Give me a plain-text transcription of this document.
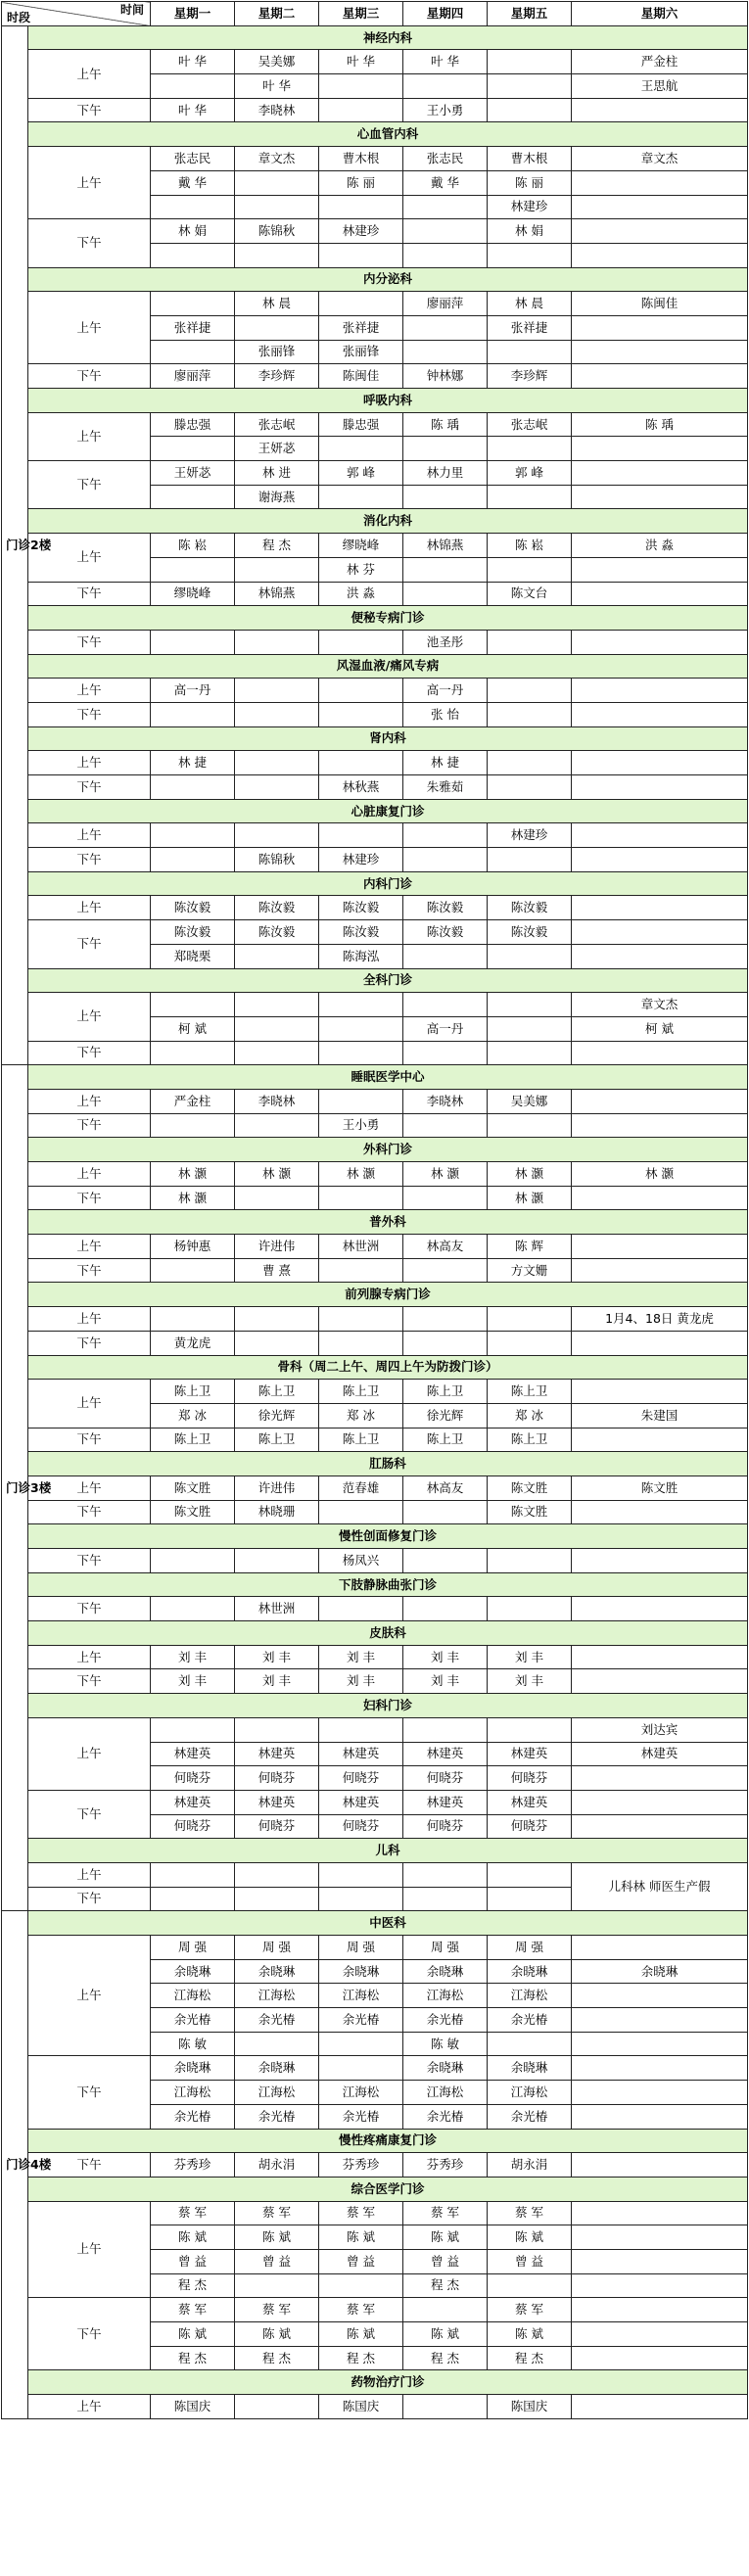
时间
时段		星期一	星期二	星期三	星期四	星期五	星期六

门诊2楼	神经内科						
	上午	叶 华	吴美娜	叶 华	叶 华		严金柱
			叶 华				王思航
	下午	叶 华	李晓林		王小勇		
	心血管内科						
	上午	张志民	章文杰	曹木根	张志民	曹木根	章文杰
		戴 华		陈 丽	戴 华	陈 丽	
						林建珍	
	下午	林 娟	陈锦秋	林建珍		林 娟	

	内分泌科						
	上午		林 晨		廖丽萍	林 晨	陈闽佳
		张祥捷		张祥捷		张祥捷	
			张丽锋	张丽锋			
	下午	廖丽萍	李珍辉	陈闽佳	钟林娜	李珍辉	
	呼吸内科						
	上午	滕忠强	张志岷	滕忠强	陈 瑀	张志岷	陈 瑀
			王妍苾				
	下午	王妍苾	林 进	郭 峰	林力里	郭 峰	
			谢海燕				
	消化内科						
	上午	陈 崧	程 杰	缪晓峰	林锦燕	陈 崧	洪 淼
				林 芬			
	下午	缪晓峰	林锦燕	洪 淼		陈文台	
	便秘专病门诊						
	下午				池圣彤		
	风湿血液/痛风专病						
	上午	高一丹			高一丹		
	下午				张 怡		
	肾内科						
	上午	林 捷			林 捷		
	下午			林秋燕	朱雅茹		
	心脏康复门诊						
	上午					林建珍	
	下午		陈锦秋	林建珍			
	内科门诊						
	上午	陈汝毅	陈汝毅	陈汝毅	陈汝毅	陈汝毅	
	下午	陈汝毅	陈汝毅	陈汝毅	陈汝毅	陈汝毅	
		郑晓栗		陈海泓			
	全科门诊						
	上午						章文杰
		柯 斌			高一丹		柯 斌
	下午						

门诊3楼	睡眠医学中心						
	上午	严金柱	李晓林		李晓林	吴美娜	
	下午			王小勇			
	外科门诊						
	上午	林 灏	林 灏	林 灏	林 灏	林 灏	林 灏
	下午	林 灏				林 灏	
	普外科						
	上午	杨钟惠	许进伟	林世洲	林高友	陈 辉	
	下午		曹 熹			方文姗	
	前列腺专病门诊						
	上午						1月4、18日 黄龙虎
	下午	黄龙虎					
	骨科（周二上午、周四上午为防拨门诊）						
	上午	陈上卫	陈上卫	陈上卫	陈上卫	陈上卫	
		郑 冰	徐光辉	郑 冰	徐光辉	郑 冰	朱建国
	下午	陈上卫	陈上卫	陈上卫	陈上卫	陈上卫	
	肛肠科						
	上午	陈文胜	许进伟	范春雄	林高友	陈文胜	陈文胜
	下午	陈文胜	林晓珊			陈文胜	
	慢性创面修复门诊						
	下午			杨凤兴			
	下肢静脉曲张门诊						
	下午		林世洲				
	皮肤科						
	上午	刘 丰	刘 丰	刘 丰	刘 丰	刘 丰	
	下午	刘 丰	刘 丰	刘 丰	刘 丰	刘 丰	
	妇科门诊						
	上午						刘达宾
		林建英	林建英	林建英	林建英	林建英	林建英
		何晓芬	何晓芬	何晓芬	何晓芬	何晓芬	
	下午	林建英	林建英	林建英	林建英	林建英	
		何晓芬	何晓芬	何晓芬	何晓芬	何晓芬	
	儿科						
	上午						儿科林 师医生产假
	下午						

门诊4楼	中医科						
	上午	周 强	周 强	周 强	周 强	周 强	
		余晓琳	余晓琳	余晓琳	余晓琳	余晓琳	余晓琳
		江海松	江海松	江海松	江海松	江海松	
		余光椿	余光椿	余光椿	余光椿	余光椿	
		陈 敏			陈 敏		
	下午	余晓琳	余晓琳		余晓琳	余晓琳	
		江海松	江海松	江海松	江海松	江海松	
		余光椿	余光椿	余光椿	余光椿	余光椿	
	慢性疼痛康复门诊						
	下午	芬秀珍	胡永涓	芬秀珍	芬秀珍	胡永涓	
	综合医学门诊						
	上午	蔡 军	蔡 军	蔡 军	蔡 军	蔡 军	
		陈 斌	陈 斌	陈 斌	陈 斌	陈 斌	
		曾 益	曾 益	曾 益	曾 益	曾 益	
		程 杰			程 杰		
	下午	蔡 军	蔡 军	蔡 军		蔡 军	
		陈 斌	陈 斌	陈 斌	陈 斌	陈 斌	
		程 杰	程 杰	程 杰	程 杰	程 杰	
	药物治疗门诊						
	上午	陈国庆		陈国庆		陈国庆	
